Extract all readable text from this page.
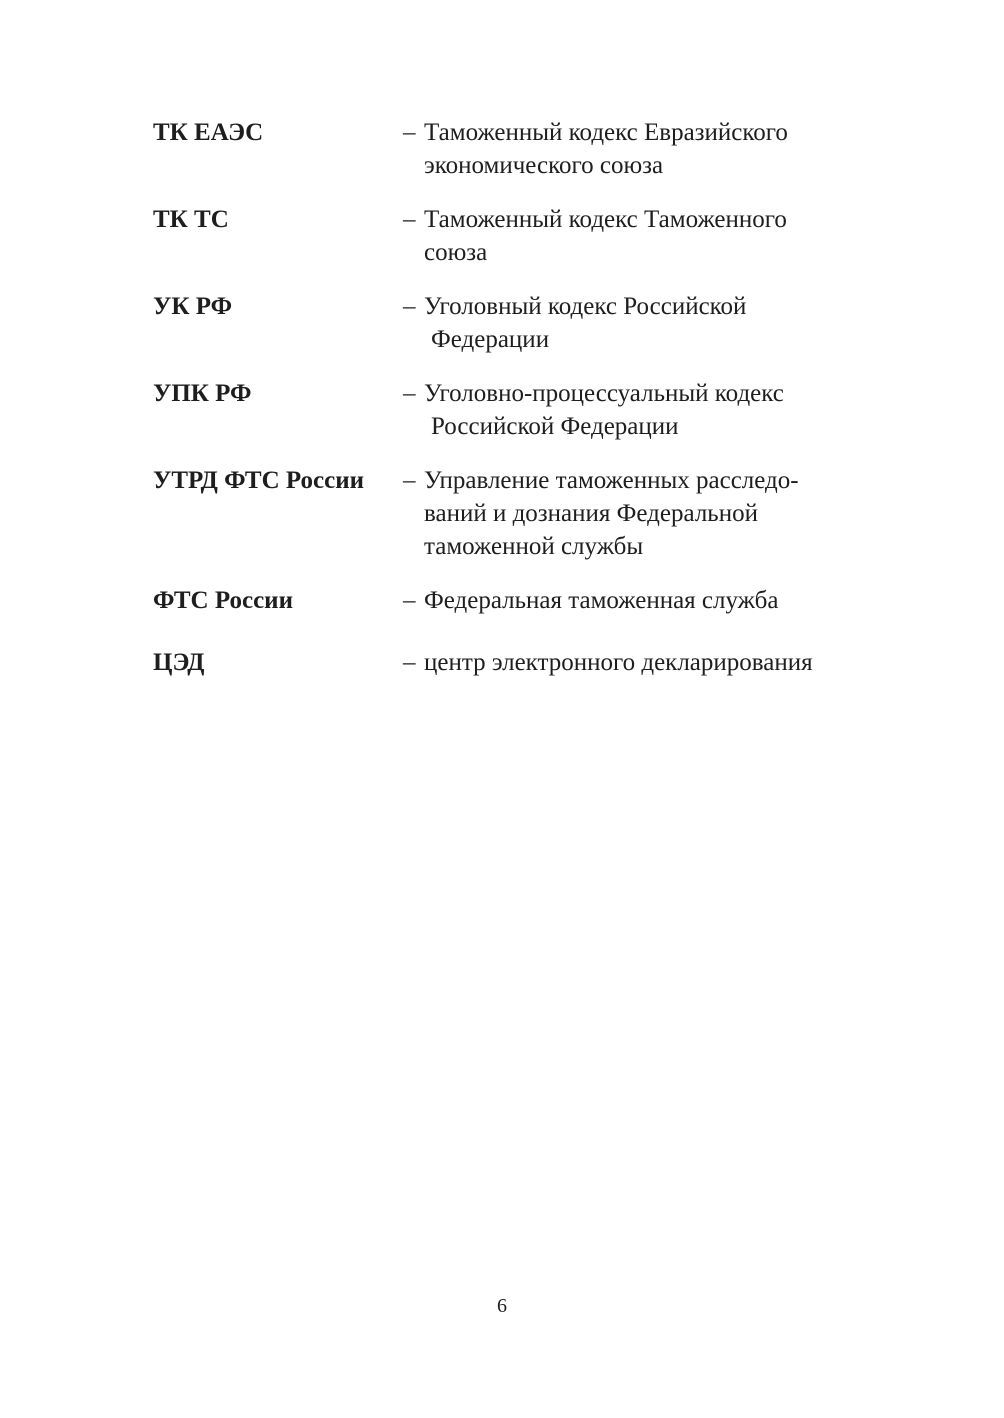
ТК ЕАЭС	– Таможенный кодекс Евразийского
экономического союза
ТК ТС	– Таможенный кодекс Таможенного
союза
УК РФ	– Уголовный кодекс Российской
Федерации
УПК РФ	– Уголовно-процессуальный кодекс
Российской Федерации
УТРД ФТС России – Управление таможенных расследо-
ваний и дознания Федеральной
таможенной службы
ФТС России	– Федеральная таможенная служба
ЦЭД	– центр электронного декларирования
6
